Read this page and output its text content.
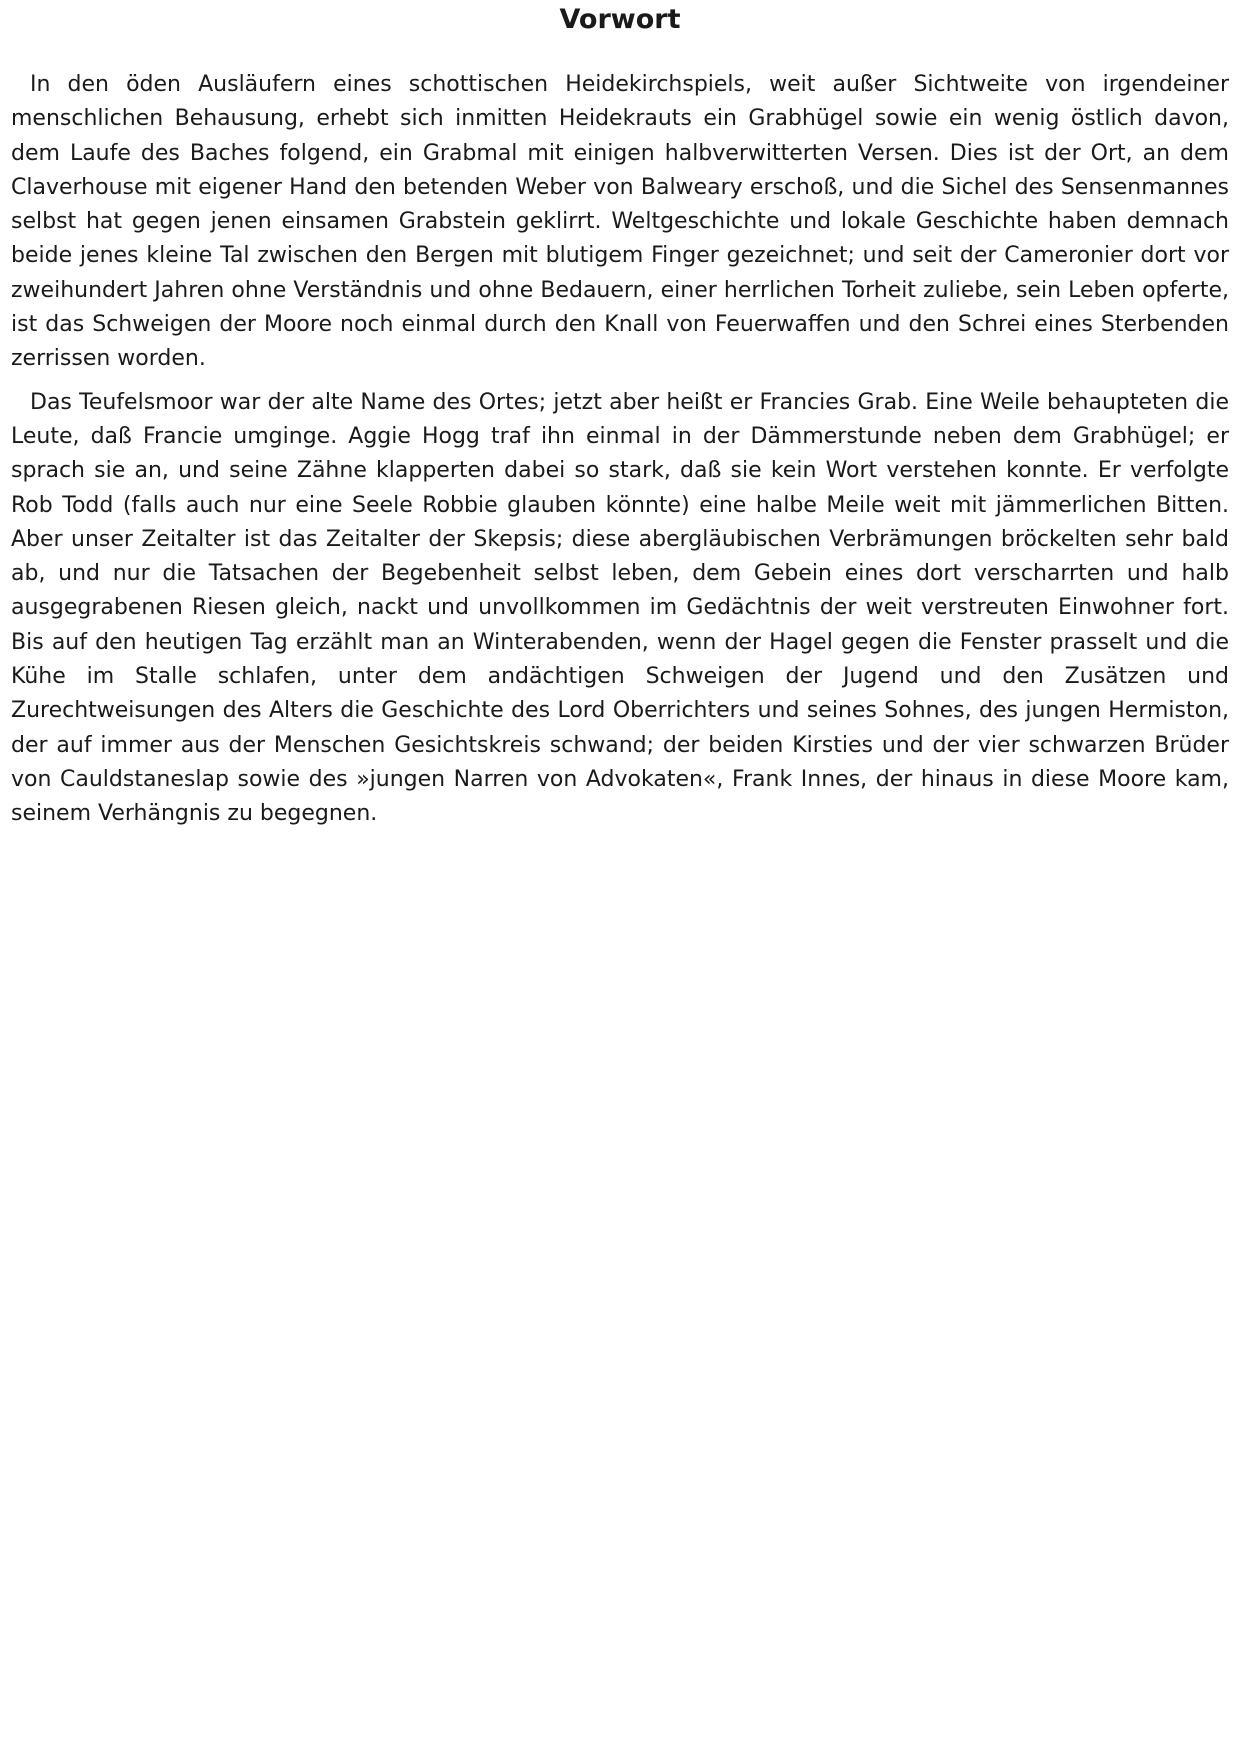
Vorwort

In den öden Ausläufern eines schottischen Heidekirchspiels, weit außer Sichtweite von irgendeiner menschlichen Behausung, erhebt sich inmitten Heidekrauts ein Grabhügel sowie ein wenig östlich davon, dem Laufe des Baches folgend, ein Grabmal mit einigen halbverwitterten Versen. Dies ist der Ort, an dem Claverhouse mit eigener Hand den betenden Weber von Balweary erschoß, und die Sichel des Sensenmannes selbst hat gegen jenen einsamen Grabstein geklirrt. Weltgeschichte und lokale Geschichte haben demnach beide jenes kleine Tal zwischen den Bergen mit blutigem Finger gezeichnet; und seit der Cameronier dort vor zweihundert Jahren ohne Verständnis und ohne Bedauern, einer herrlichen Torheit zuliebe, sein Leben opferte, ist das Schweigen der Moore noch einmal durch den Knall von Feuerwaffen und den Schrei eines Sterbenden zerrissen worden.

Das Teufelsmoor war der alte Name des Ortes; jetzt aber heißt er Francies Grab. Eine Weile behaupteten die Leute, daß Francie umginge. Aggie Hogg traf ihn einmal in der Dämmerstunde neben dem Grabhügel; er sprach sie an, und seine Zähne klapperten dabei so stark, daß sie kein Wort verstehen konnte. Er verfolgte Rob Todd (falls auch nur eine Seele Robbie glauben könnte) eine halbe Meile weit mit jämmerlichen Bitten. Aber unser Zeitalter ist das Zeitalter der Skepsis; diese abergläubischen Verbrämungen bröckelten sehr bald ab, und nur die Tatsachen der Begebenheit selbst leben, dem Gebein eines dort verscharrten und halb ausgegrabenen Riesen gleich, nackt und unvollkommen im Gedächtnis der weit verstreuten Einwohner fort. Bis auf den heutigen Tag erzählt man an Winterabenden, wenn der Hagel gegen die Fenster prasselt und die Kühe im Stalle schlafen, unter dem andächtigen Schweigen der Jugend und den Zusätzen und Zurechtweisungen des Alters die Geschichte des Lord Oberrichters und seines Sohnes, des jungen Hermiston, der auf immer aus der Menschen Gesichtskreis schwand; der beiden Kirsties und der vier schwarzen Brüder von Cauldstaneslap sowie des »jungen Narren von Advokaten«, Frank Innes, der hinaus in diese Moore kam, seinem Verhängnis zu begegnen.
